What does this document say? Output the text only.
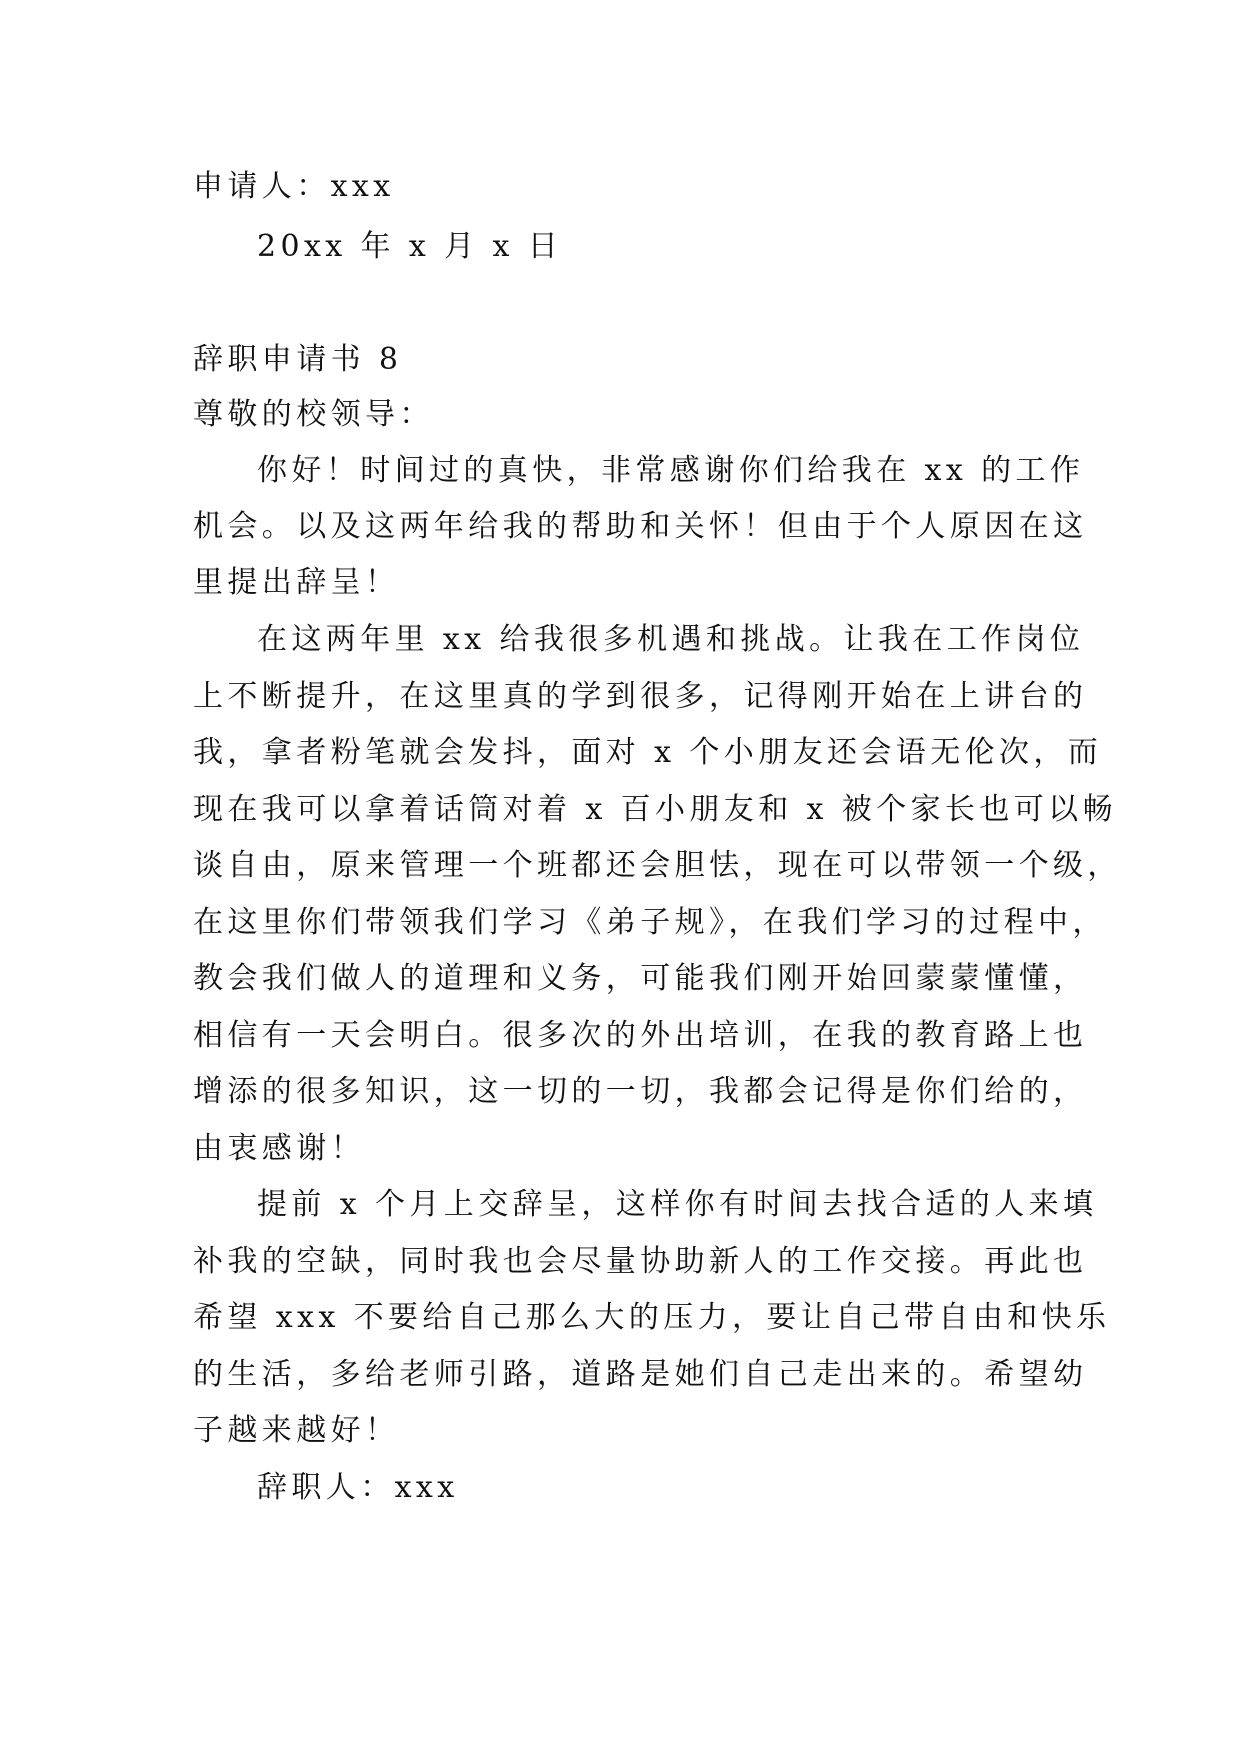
申请人：xxx
20xx 年 x 月 x 日
辞职申请书 8
尊敬的校领导：
你好！时间过的真快，非常感谢你们给我在 xx 的工作
机会。以及这两年给我的帮助和关怀！但由于个人原因在这
里提出辞呈！
在这两年里 xx 给我很多机遇和挑战。让我在工作岗位
上不断提升，在这里真的学到很多，记得刚开始在上讲台的
我，拿者粉笔就会发抖，面对 x 个小朋友还会语无伦次，而
现在我可以拿着话筒对着 x 百小朋友和 x 被个家长也可以畅
谈自由，原来管理一个班都还会胆怯，现在可以带领一个级，
在这里你们带领我们学习《弟子规》，在我们学习的过程中，
教会我们做人的道理和义务，可能我们刚开始回蒙蒙懂懂，
相信有一天会明白。很多次的外出培训，在我的教育路上也
增添的很多知识，这一切的一切，我都会记得是你们给的，
由衷感谢！
提前 x 个月上交辞呈，这样你有时间去找合适的人来填
补我的空缺，同时我也会尽量协助新人的工作交接。再此也
希望 xxx 不要给自己那么大的压力，要让自己带自由和快乐
的生活，多给老师引路，道路是她们自己走出来的。希望幼
子越来越好！
辞职人：xxx
